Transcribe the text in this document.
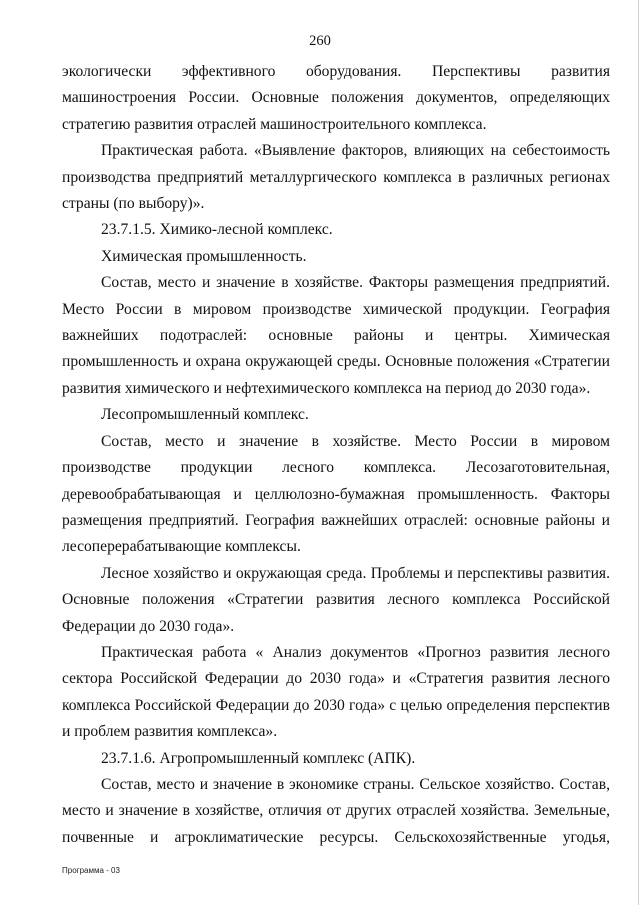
260

экологически эффективного оборудования. Перспективы развития машиностроения России. Основные положения документов, определяющих стратегию развития отраслей машиностроительного комплекса.

Практическая работа. «Выявление факторов, влияющих на себестоимость производства предприятий металлургического комплекса в различных регионах страны (по выбору)».

23.7.1.5. Химико-лесной комплекс.

Химическая промышленность.

Состав, место и значение в хозяйстве. Факторы размещения предприятий. Место России в мировом производстве химической продукции. География важнейших подотраслей: основные районы и центры. Химическая промышленность и охрана окружающей среды. Основные положения «Стратегии развития химического и нефтехимического комплекса на период до 2030 года».

Лесопромышленный комплекс.

Состав, место и значение в хозяйстве. Место России в мировом производстве продукции лесного комплекса. Лесозаготовительная, деревообрабатывающая и целлюлозно-бумажная промышленность. Факторы размещения предприятий. География важнейших отраслей: основные районы и лесоперерабатывающие комплексы.

Лесное хозяйство и окружающая среда. Проблемы и перспективы развития. Основные положения «Стратегии развития лесного комплекса Российской Федерации до 2030 года».

Практическая работа « Анализ документов «Прогноз развития лесного сектора Российской Федерации до 2030 года» и «Стратегия развития лесного комплекса Российской Федерации до 2030 года» с целью определения перспектив и проблем развития комплекса».

23.7.1.6. Агропромышленный комплекс (АПК).

Состав, место и значение в экономике страны. Сельское хозяйство. Состав, место и значение в хозяйстве, отличия от других отраслей хозяйства. Земельные, почвенные и агроклиматические ресурсы. Сельскохозяйственные угодья,

Программа - 03
